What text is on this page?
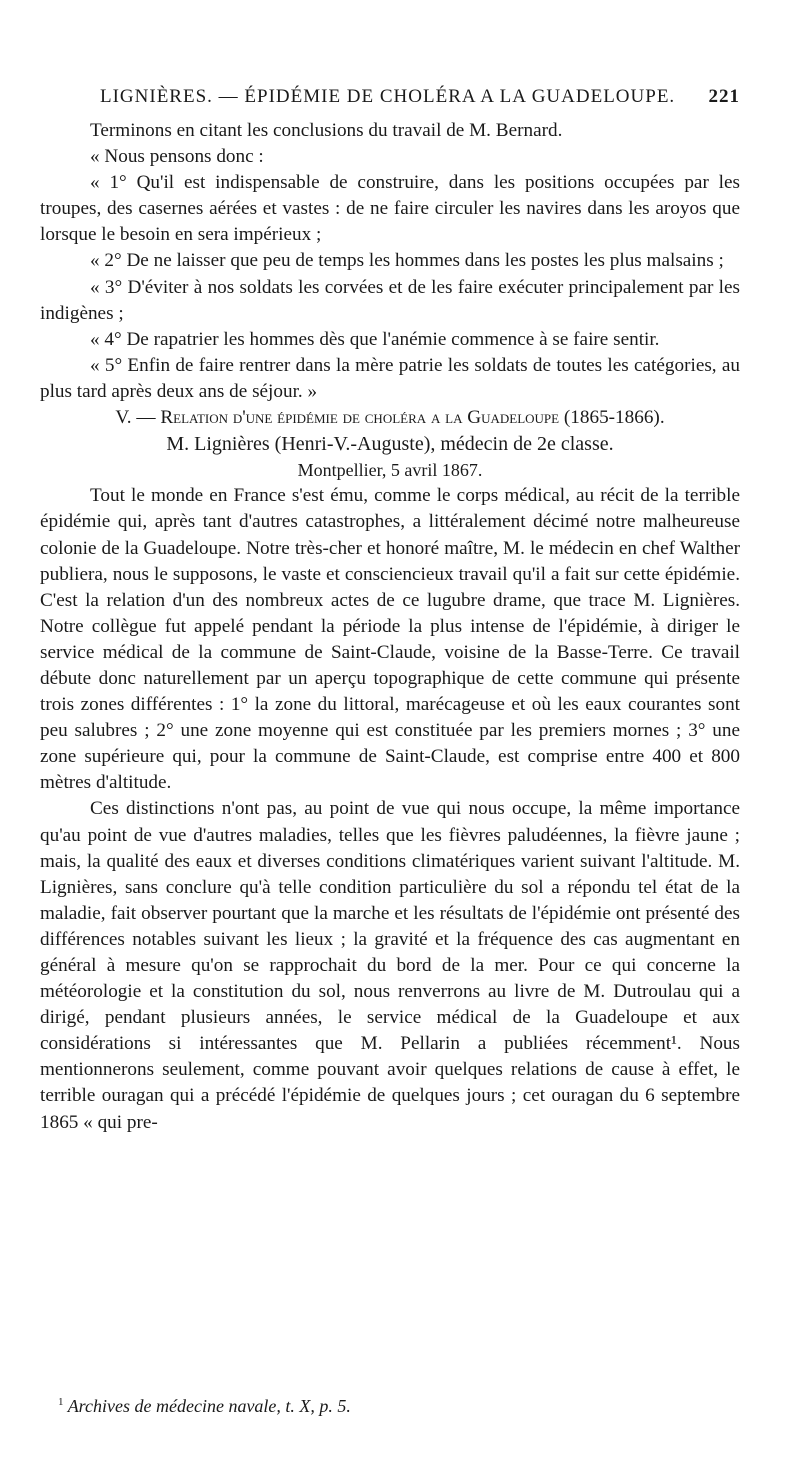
LIGNIÈRES. — ÉPIDÉMIE DE CHOLÉRA A LA GUADELOUPE. 221

Terminons en citant les conclusions du travail de M. Bernard.

« Nous pensons donc :

« 1° Qu'il est indispensable de construire, dans les positions occupées par les troupes, des casernes aérées et vastes : de ne faire circuler les navires dans les aroyos que lorsque le besoin en sera impérieux ;

« 2° De ne laisser que peu de temps les hommes dans les postes les plus malsains ;

« 3° D'éviter à nos soldats les corvées et de les faire exécuter principalement par les indigènes ;

« 4° De rapatrier les hommes dès que l'anémie commence à se faire sentir.

« 5° Enfin de faire rentrer dans la mère patrie les soldats de toutes les catégories, au plus tard après deux ans de séjour. »

V. — Relation d'une épidémie de choléra a la Guadeloupe (1865-1866).

M. Lignières (Henri-V.-Auguste), médecin de 2e classe.

Montpellier, 5 avril 1867.

Tout le monde en France s'est ému, comme le corps médical, au récit de la terrible épidémie qui, après tant d'autres catastrophes, a littéralement décimé notre malheureuse colonie de la Guadeloupe. Notre très-cher et honoré maître, M. le médecin en chef Walther publiera, nous le supposons, le vaste et consciencieux travail qu'il a fait sur cette épidémie. C'est la relation d'un des nombreux actes de ce lugubre drame, que trace M. Lignières. Notre collègue fut appelé pendant la période la plus intense de l'épidémie, à diriger le service médical de la commune de Saint-Claude, voisine de la Basse-Terre. Ce travail débute donc naturellement par un aperçu topographique de cette commune qui présente trois zones différentes : 1° la zone du littoral, marécageuse et où les eaux courantes sont peu salubres ; 2° une zone moyenne qui est constituée par les premiers mornes ; 3° une zone supérieure qui, pour la commune de Saint-Claude, est comprise entre 400 et 800 mètres d'altitude.

Ces distinctions n'ont pas, au point de vue qui nous occupe, la même importance qu'au point de vue d'autres maladies, telles que les fièvres paludéennes, la fièvre jaune ; mais, la qualité des eaux et diverses conditions climatériques varient suivant l'altitude. M. Lignières, sans conclure qu'à telle condition particulière du sol a répondu tel état de la maladie, fait observer pourtant que la marche et les résultats de l'épidémie ont présenté des différences notables suivant les lieux ; la gravité et la fréquence des cas augmentant en général à mesure qu'on se rapprochait du bord de la mer. Pour ce qui concerne la météorologie et la constitution du sol, nous renverrons au livre de M. Dutroulau qui a dirigé, pendant plusieurs années, le service médical de la Guadeloupe et aux considérations si intéressantes que M. Pellarin a publiées récemment¹. Nous mentionnerons seulement, comme pouvant avoir quelques relations de cause à effet, le terrible ouragan qui a précédé l'épidémie de quelques jours ; cet ouragan du 6 septembre 1865 « qui pre-

$^1$ Archives de médecine navale, t. X, p. 5.
